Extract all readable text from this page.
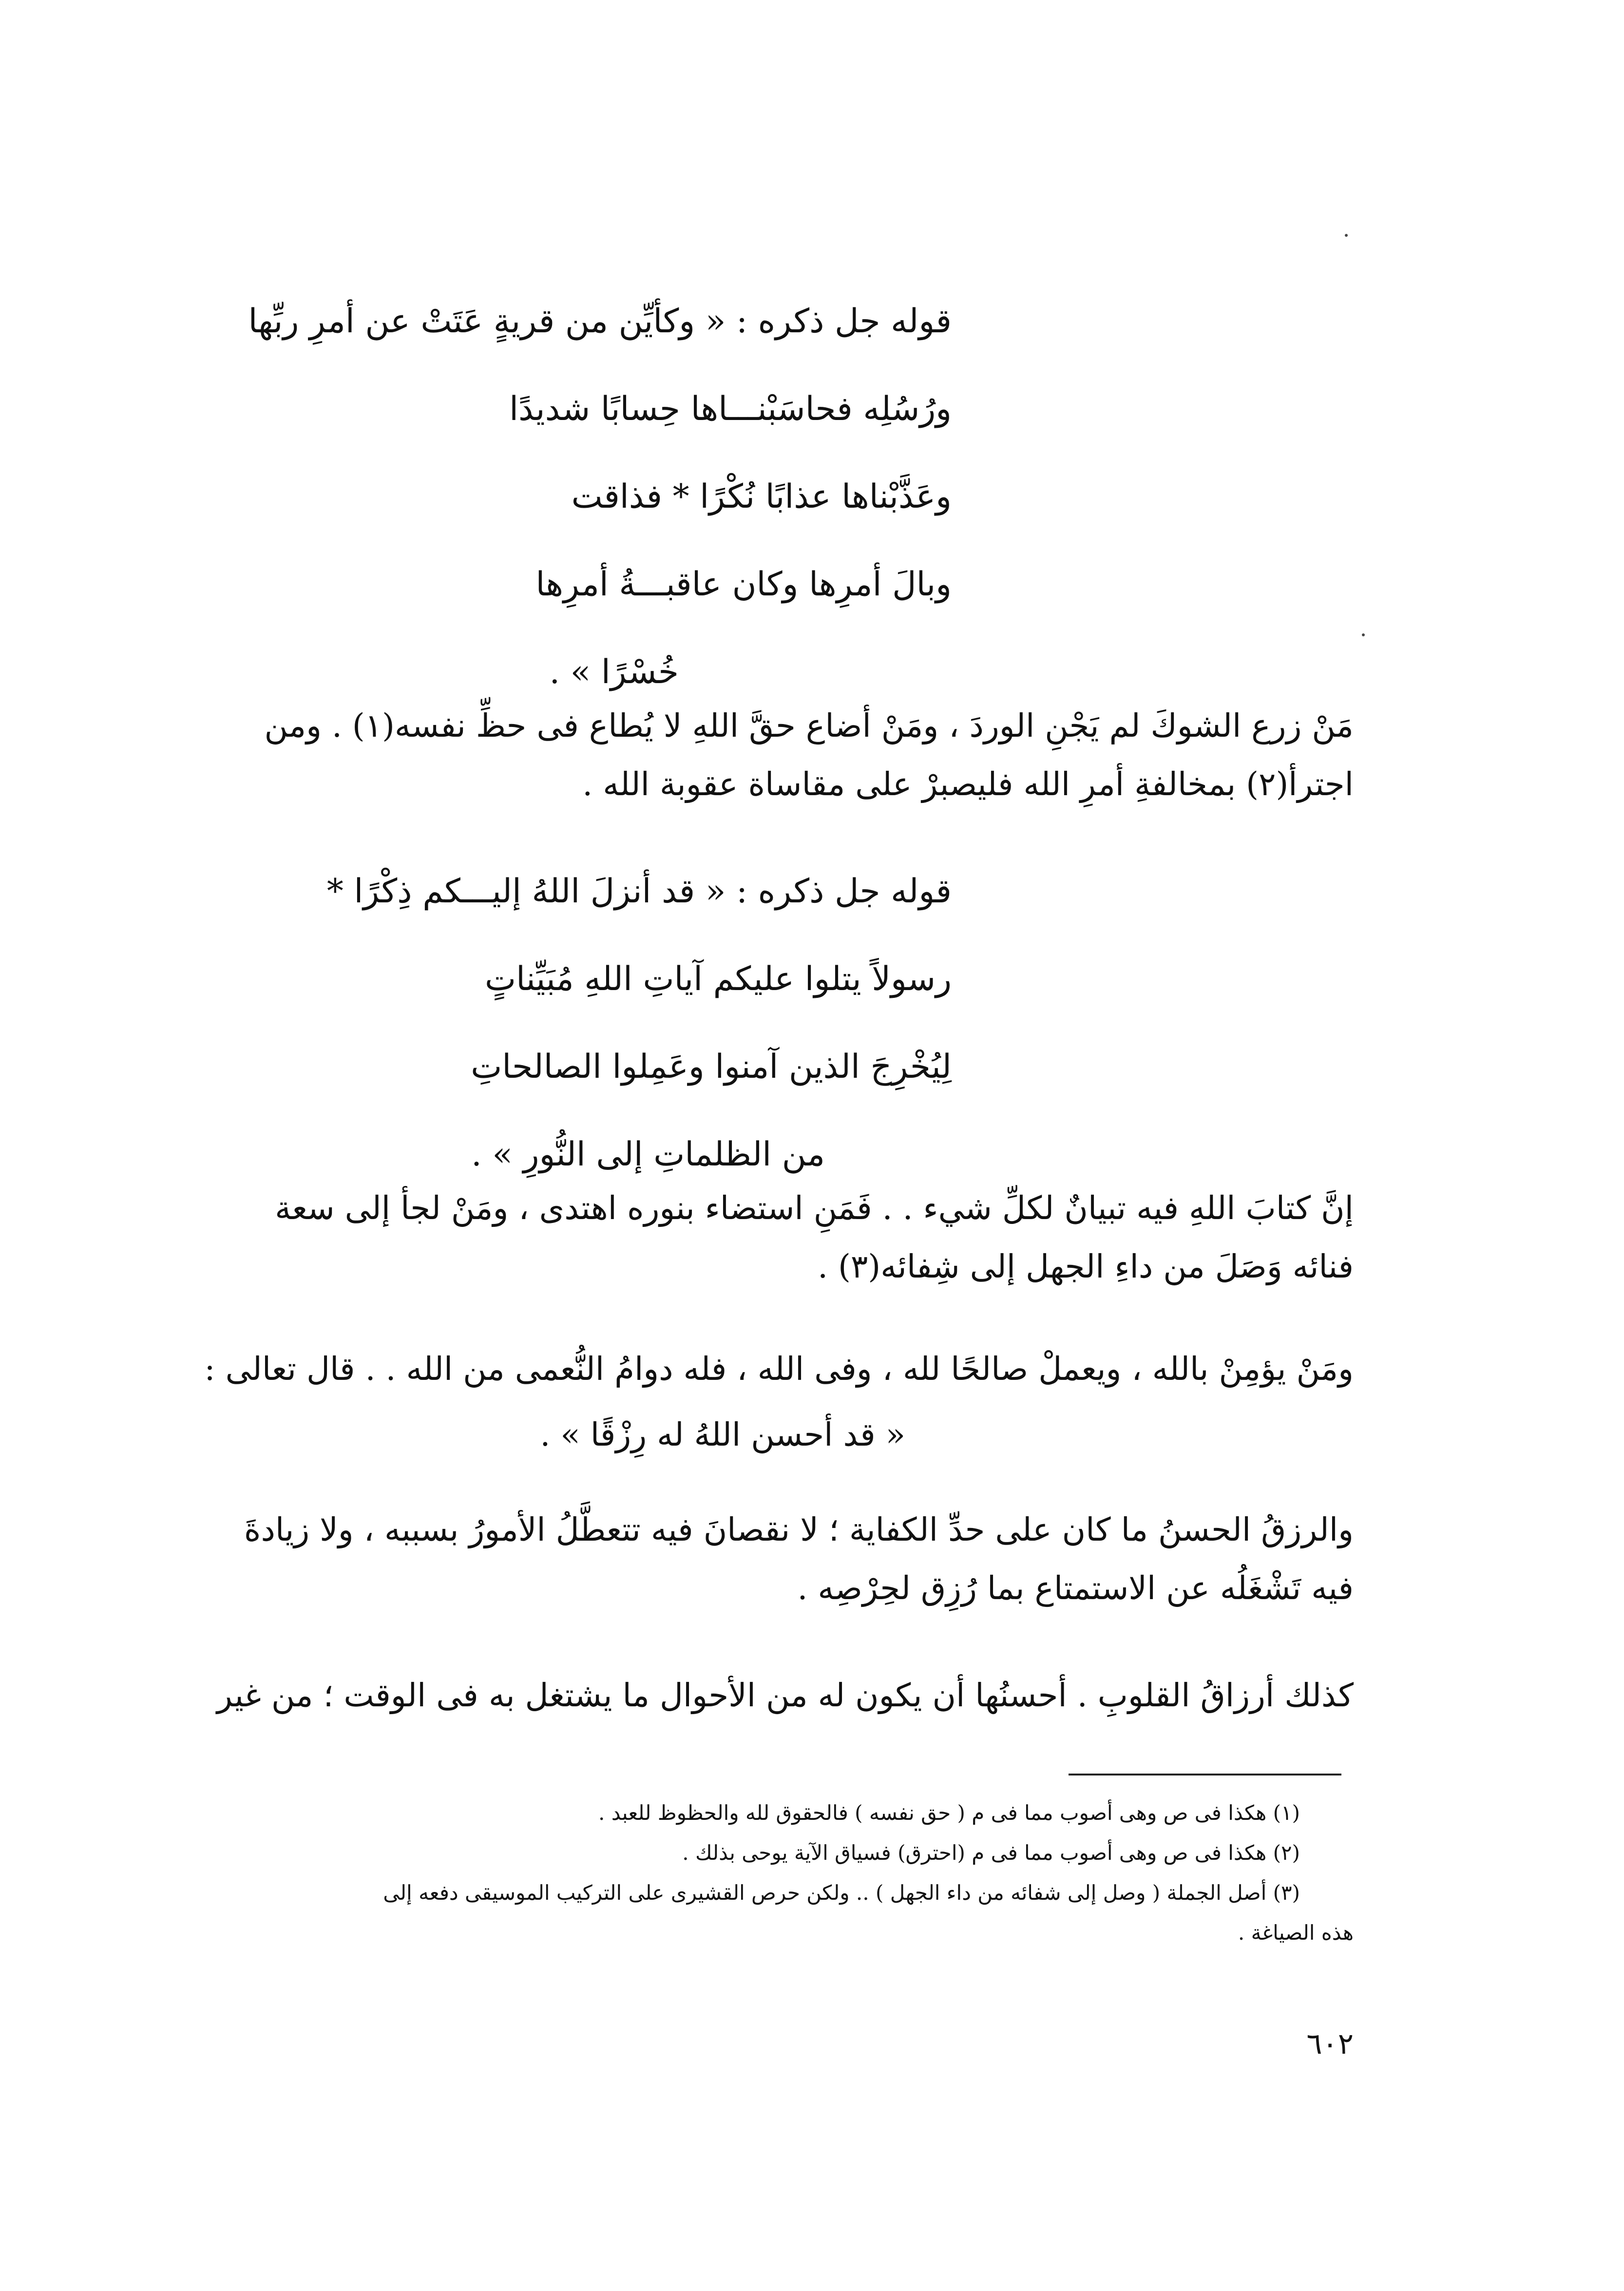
قوله جل ذكره : « وكأيِّن من قريةٍ عَتَتْ عن أمرِ ربِّها
ورُسُلِه فحاسَبْنـــاها حِسابًا شديدًا
وعَذَّبْناها عذابًا نُكْرًا * فذاقت
وبالَ أمرِها وكان عاقبـــةُ أمرِها
خُسْرًا » .
مَنْ زرع الشوكَ لم يَجْنِ الوردَ ، ومَنْ أضاع حقَّ اللهِ لا يُطاع فى حظِّ نفسه(١) . ومن
اجترأ(٢) بمخالفةِ أمرِ الله فليصبرْ على مقاساة عقوبة الله .
قوله جل ذكره : « قد أنزلَ اللهُ إليـــكم ذِكْرًا *
رسولاً يتلوا عليكم آياتِ اللهِ مُبَيِّناتٍ
لِيُخْرِجَ الذين آمنوا وعَمِلوا الصالحاتِ
من الظلماتِ إلى النُّورِ » .
إنَّ كتابَ اللهِ فيه تبيانٌ لكلِّ شيء . . فَمَنِ استضاء بنوره اهتدى ، ومَنْ لجأ إلى سعة
فنائه وَصَلَ من داءِ الجهل إلى شِفائه(٣) .
ومَنْ يؤمِنْ بالله ، ويعملْ صالحًا لله ، وفى الله ، فله دوامُ النُّعمى من الله . . قال تعالى :
« قد أحسن اللهُ له رِزْقًا » .
والرزقُ الحسنُ ما كان على حدِّ الكفاية ؛ لا نقصانَ فيه تتعطَّلُ الأمورُ بسببه ، ولا زيادةَ
فيه تَشْغَلُه عن الاستمتاع بما رُزِق لحِرْصِه .
كذلك أرزاقُ القلوبِ . أحسنُها أن يكون له من الأحوال ما يشتغل به فى الوقت ؛ من غير
(١) هكذا فى ص وهى أصوب مما فى م ( حق نفسه ) فالحقوق لله والحظوظ للعبد .
(٢) هكذا فى ص وهى أصوب مما فى م (احترق) فسياق الآية يوحى بذلك .
(٣) أصل الجملة ( وصل إلى شفائه من داء الجهل ) .. ولكن حرص القشيرى على التركيب الموسيقى دفعه إلى
هذه الصياغة .
٦٠٢
